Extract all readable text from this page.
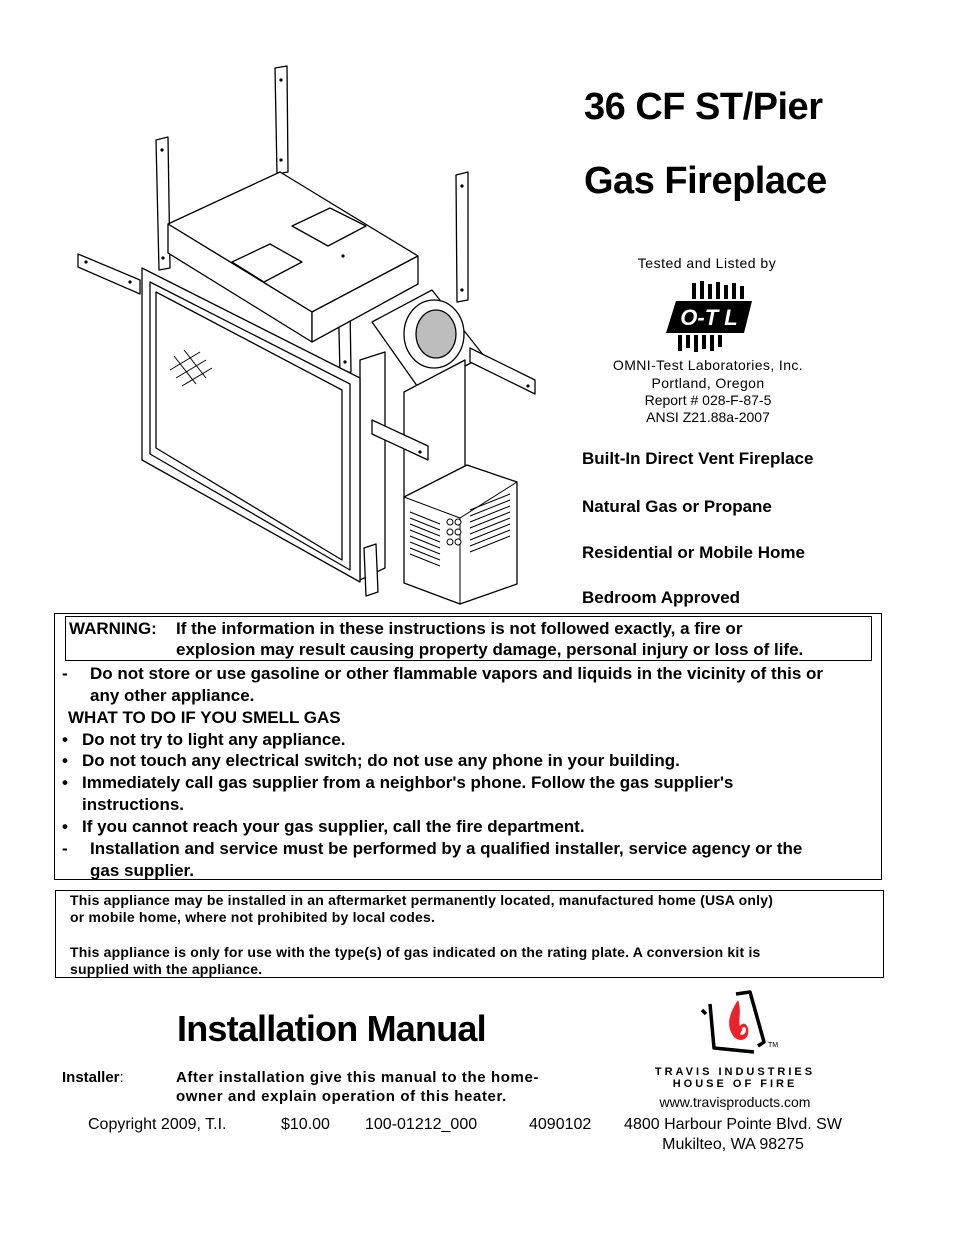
36 CF ST/Pier
Gas Fireplace
Tested and Listed by
O-T L
OMNI-Test Laboratories, Inc.
Portland, Oregon
Report # 028-F-87-5
ANSI Z21.88a-2007
Built-In Direct Vent Fireplace
Natural Gas or Propane
Residential or Mobile Home
Bedroom Approved
WARNING: If the information in these instructions is not followed exactly, a fire or
explosion may result causing property damage, personal injury or loss of life.
- Do not store or use gasoline or other flammable vapors and liquids in the vicinity of this or
any other appliance.
WHAT TO DO IF YOU SMELL GAS
• Do not try to light any appliance.
• Do not touch any electrical switch; do not use any phone in your building.
• Immediately call gas supplier from a neighbor's phone. Follow the gas supplier's
instructions.
• If you cannot reach your gas supplier, call the fire department.
- Installation and service must be performed by a qualified installer, service agency or the
gas supplier.
This appliance may be installed in an aftermarket permanently located, manufactured home (USA only)
or mobile home, where not prohibited by local codes.
This appliance is only for use with the type(s) of gas indicated on the rating plate. A conversion kit is
supplied with the appliance.
Installation Manual
Installer:	After installation give this manual to the home-
owner and explain operation of this heater.
Copyright 2009, T.I.	$10.00 100-01212_000	4090102
TM
TRAVIS INDUSTRIES
HOUSE OF FIRE
www.travisproducts.com
4800 Harbour Pointe Blvd. SW
Mukilteo, WA 98275
